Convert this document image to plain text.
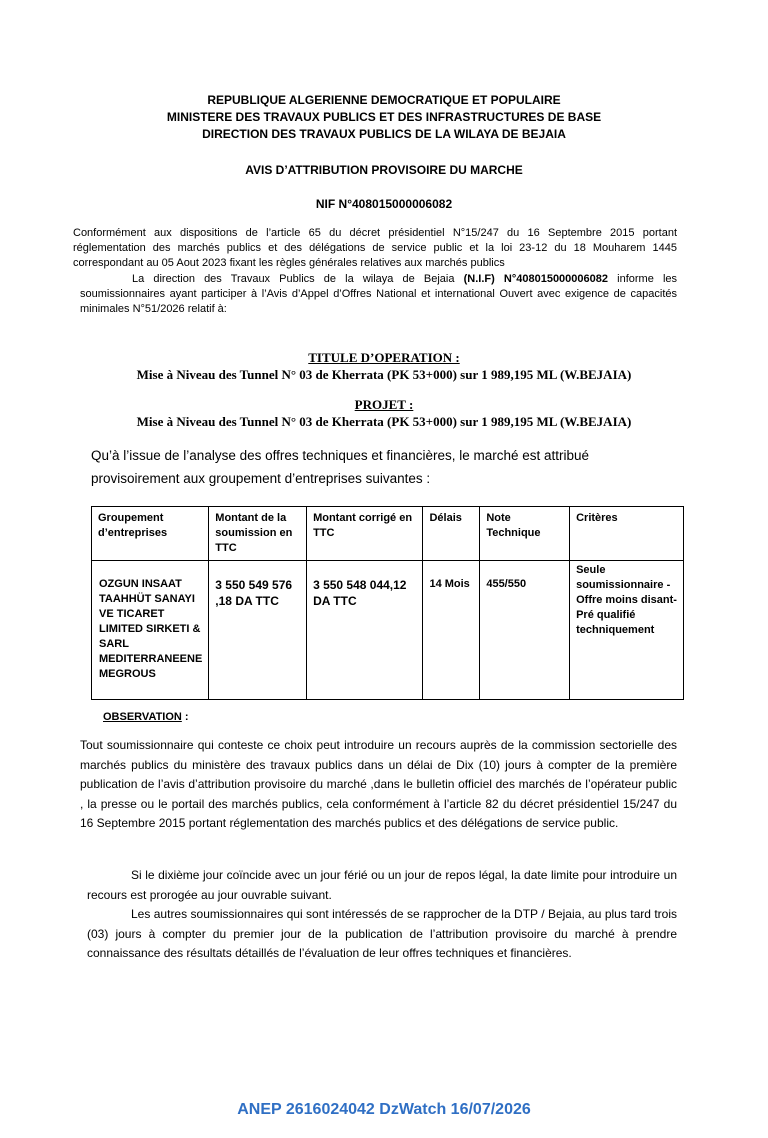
REPUBLIQUE ALGERIENNE DEMOCRATIQUE ET POPULAIRE
MINISTERE DES TRAVAUX PUBLICS ET DES INFRASTRUCTURES DE BASE
DIRECTION DES TRAVAUX PUBLICS DE LA WILAYA DE BEJAIA
AVIS D’ATTRIBUTION PROVISOIRE DU MARCHE
NIF N°408015000006082
Conformément aux dispositions de l’article 65 du décret présidentiel N°15/247 du 16 Septembre 2015 portant réglementation des marchés publics et des délégations de service public et la loi 23-12 du 18 Mouharem 1445 correspondant au 05 Aout 2023 fixant les règles générales relatives aux marchés publics
La direction des Travaux Publics de la wilaya de Bejaia (N.I.F) N°408015000006082 informe les soumissionnaires ayant participer à l’Avis d’Appel d’Offres National et international Ouvert avec exigence de capacités minimales N°51/2026 relatif à:
TITULE D’OPERATION :
Mise à Niveau des Tunnel N° 03 de Kherrata (PK 53+000) sur 1 989,195 ML (W.BEJAIA)
PROJET :
Mise à Niveau des Tunnel N° 03 de Kherrata (PK 53+000) sur 1 989,195 ML (W.BEJAIA)
Qu’à l’issue de l’analyse des offres techniques et financières, le marché est attribué provisoirement aux groupement d’entreprises suivantes :
Groupement d’entreprises	Montant de la soumission en TTC	Montant corrigé en TTC	Délais	Note Technique	Critères
OZGUN INSAAT TAAHHÜT SANAYI VE TICARET LIMITED SIRKETI & SARL MEDITERRANEENE MEGROUS	3 550 549 576 ,18 DA TTC	3 550 548 044,12 DA TTC	14 Mois	455/550	Seule soumissionnaire - Offre moins disant- Pré qualifié techniquement
OBSERVATION :
Tout soumissionnaire qui conteste ce choix peut introduire un recours auprès de la commission sectorielle des marchés publics du ministère des travaux publics dans un délai de Dix (10) jours à compter de la première publication de l’avis d’attribution provisoire du marché ,dans le bulletin officiel des marchés de l’opérateur public , la presse ou le portail des marchés publics, cela conformément à l’article 82 du décret présidentiel 15/247 du 16 Septembre 2015 portant réglementation des marchés publics et des délégations de service public.
Si le dixième jour coïncide avec un jour férié ou un jour de repos légal, la date limite pour introduire un recours est prorogée au jour ouvrable suivant.
Les autres soumissionnaires qui sont intéressés de se rapprocher de la DTP / Bejaia, au plus tard trois (03) jours à compter du premier jour de la publication de l’attribution provisoire du marché à prendre connaissance des résultats détaillés de l’évaluation de leur offres techniques et financières.
ANEP 2616024042 DzWatch 16/07/2026
